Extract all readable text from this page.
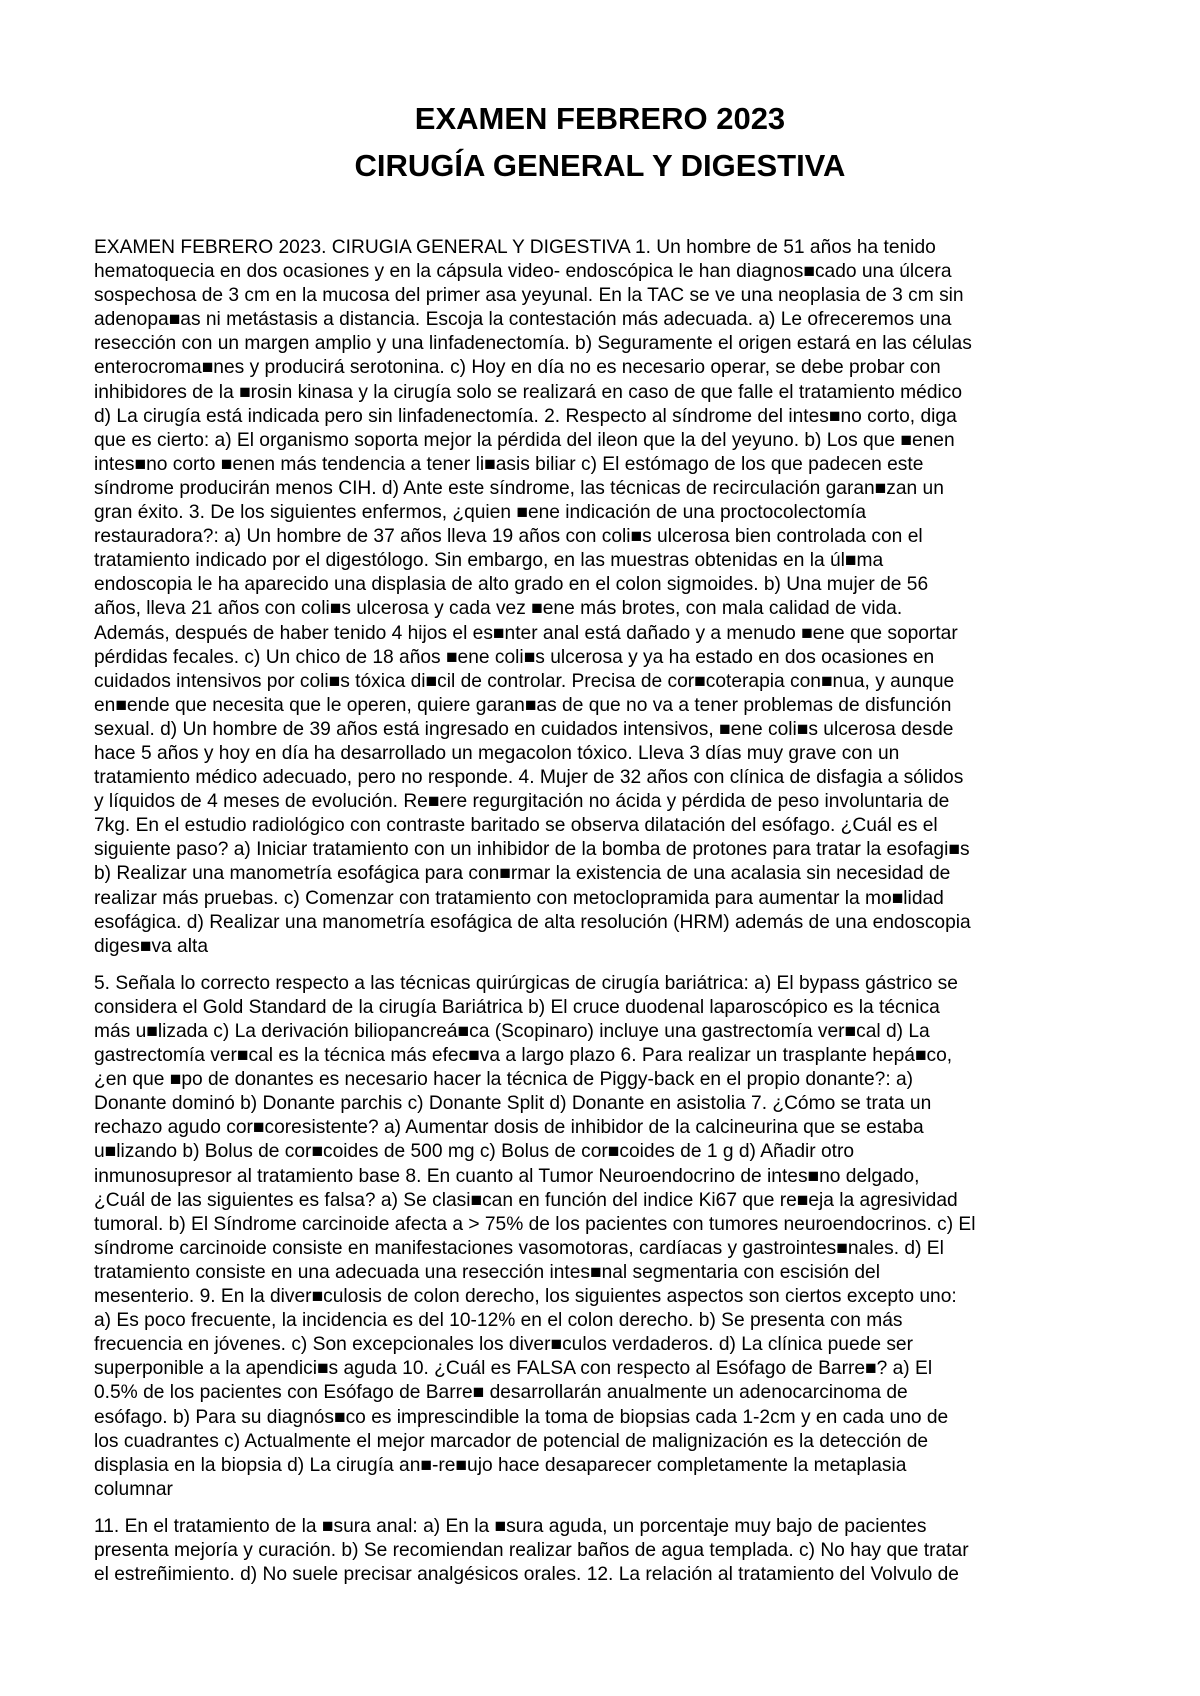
EXAMEN FEBRERO 2023
CIRUGÍA GENERAL Y DIGESTIVA

EXAMEN FEBRERO 2023. CIRUGIA GENERAL Y DIGESTIVA 1. Un hombre de 51 años ha tenido
hematoquecia en dos ocasiones y en la cápsula video- endoscópica le han diagnos■cado una úlcera
sospechosa de 3 cm en la mucosa del primer asa yeyunal. En la TAC se ve una neoplasia de 3 cm sin
adenopa■as ni metástasis a distancia. Escoja la contestación más adecuada. a) Le ofreceremos una
resección con un margen amplio y una linfadenectomía. b) Seguramente el origen estará en las células
enterocroma■nes y producirá serotonina. c) Hoy en día no es necesario operar, se debe probar con
inhibidores de la ■rosin kinasa y la cirugía solo se realizará en caso de que falle el tratamiento médico
d) La cirugía está indicada pero sin linfadenectomía. 2. Respecto al síndrome del intes■no corto, diga
que es cierto: a) El organismo soporta mejor la pérdida del ileon que la del yeyuno. b) Los que ■enen
intes■no corto ■enen más tendencia a tener li■asis biliar c) El estómago de los que padecen este
síndrome producirán menos CIH. d) Ante este síndrome, las técnicas de recirculación garan■zan un
gran éxito. 3. De los siguientes enfermos, ¿quien ■ene indicación de una proctocolectomía
restauradora?: a) Un hombre de 37 años lleva 19 años con coli■s ulcerosa bien controlada con el
tratamiento indicado por el digestólogo. Sin embargo, en las muestras obtenidas en la úl■ma
endoscopia le ha aparecido una displasia de alto grado en el colon sigmoides. b) Una mujer de 56
años, lleva 21 años con coli■s ulcerosa y cada vez ■ene más brotes, con mala calidad de vida.
Además, después de haber tenido 4 hijos el es■nter anal está dañado y a menudo ■ene que soportar
pérdidas fecales. c) Un chico de 18 años ■ene coli■s ulcerosa y ya ha estado en dos ocasiones en
cuidados intensivos por coli■s tóxica di■cil de controlar. Precisa de cor■coterapia con■nua, y aunque
en■ende que necesita que le operen, quiere garan■as de que no va a tener problemas de disfunción
sexual. d) Un hombre de 39 años está ingresado en cuidados intensivos, ■ene coli■s ulcerosa desde
hace 5 años y hoy en día ha desarrollado un megacolon tóxico. Lleva 3 días muy grave con un
tratamiento médico adecuado, pero no responde. 4. Mujer de 32 años con clínica de disfagia a sólidos
y líquidos de 4 meses de evolución. Re■ere regurgitación no ácida y pérdida de peso involuntaria de
7kg. En el estudio radiológico con contraste baritado se observa dilatación del esófago. ¿Cuál es el
siguiente paso? a) Iniciar tratamiento con un inhibidor de la bomba de protones para tratar la esofagi■s
b) Realizar una manometría esofágica para con■rmar la existencia de una acalasia sin necesidad de
realizar más pruebas. c) Comenzar con tratamiento con metoclopramida para aumentar la mo■lidad
esofágica. d) Realizar una manometría esofágica de alta resolución (HRM) además de una endoscopia
diges■va alta

5. Señala lo correcto respecto a las técnicas quirúrgicas de cirugía bariátrica: a) El bypass gástrico se
considera el Gold Standard de la cirugía Bariátrica b) El cruce duodenal laparoscópico es la técnica
más u■lizada c) La derivación biliopancreá■ca (Scopinaro) incluye una gastrectomía ver■cal d) La
gastrectomía ver■cal es la técnica más efec■va a largo plazo 6. Para realizar un trasplante hepá■co,
¿en que ■po de donantes es necesario hacer la técnica de Piggy-back en el propio donante?: a)
Donante dominó b) Donante parchis c) Donante Split d) Donante en asistolia 7. ¿Cómo se trata un
rechazo agudo cor■coresistente? a) Aumentar dosis de inhibidor de la calcineurina que se estaba
u■lizando b) Bolus de cor■coides de 500 mg c) Bolus de cor■coides de 1 g d) Añadir otro
inmunosupresor al tratamiento base 8. En cuanto al Tumor Neuroendocrino de intes■no delgado,
¿Cuál de las siguientes es falsa? a) Se clasi■can en función del indice Ki67 que re■eja la agresividad
tumoral. b) El Síndrome carcinoide afecta a > 75% de los pacientes con tumores neuroendocrinos. c) El
síndrome carcinoide consiste en manifestaciones vasomotoras, cardíacas y gastrointes■nales. d) El
tratamiento consiste en una adecuada una resección intes■nal segmentaria con escisión del
mesenterio. 9. En la diver■culosis de colon derecho, los siguientes aspectos son ciertos excepto uno:
a) Es poco frecuente, la incidencia es del 10-12% en el colon derecho. b) Se presenta con más
frecuencia en jóvenes. c) Son excepcionales los diver■culos verdaderos. d) La clínica puede ser
superponible a la apendici■s aguda 10. ¿Cuál es FALSA con respecto al Esófago de Barre■? a) El
0.5% de los pacientes con Esófago de Barre■ desarrollarán anualmente un adenocarcinoma de
esófago. b) Para su diagnós■co es imprescindible la toma de biopsias cada 1-2cm y en cada uno de
los cuadrantes c) Actualmente el mejor marcador de potencial de malignización es la detección de
displasia en la biopsia d) La cirugía an■-re■ujo hace desaparecer completamente la metaplasia
columnar

11. En el tratamiento de la ■sura anal: a) En la ■sura aguda, un porcentaje muy bajo de pacientes
presenta mejoría y curación. b) Se recomiendan realizar baños de agua templada. c) No hay que tratar
el estreñimiento. d) No suele precisar analgésicos orales. 12. La relación al tratamiento del Volvulo de
